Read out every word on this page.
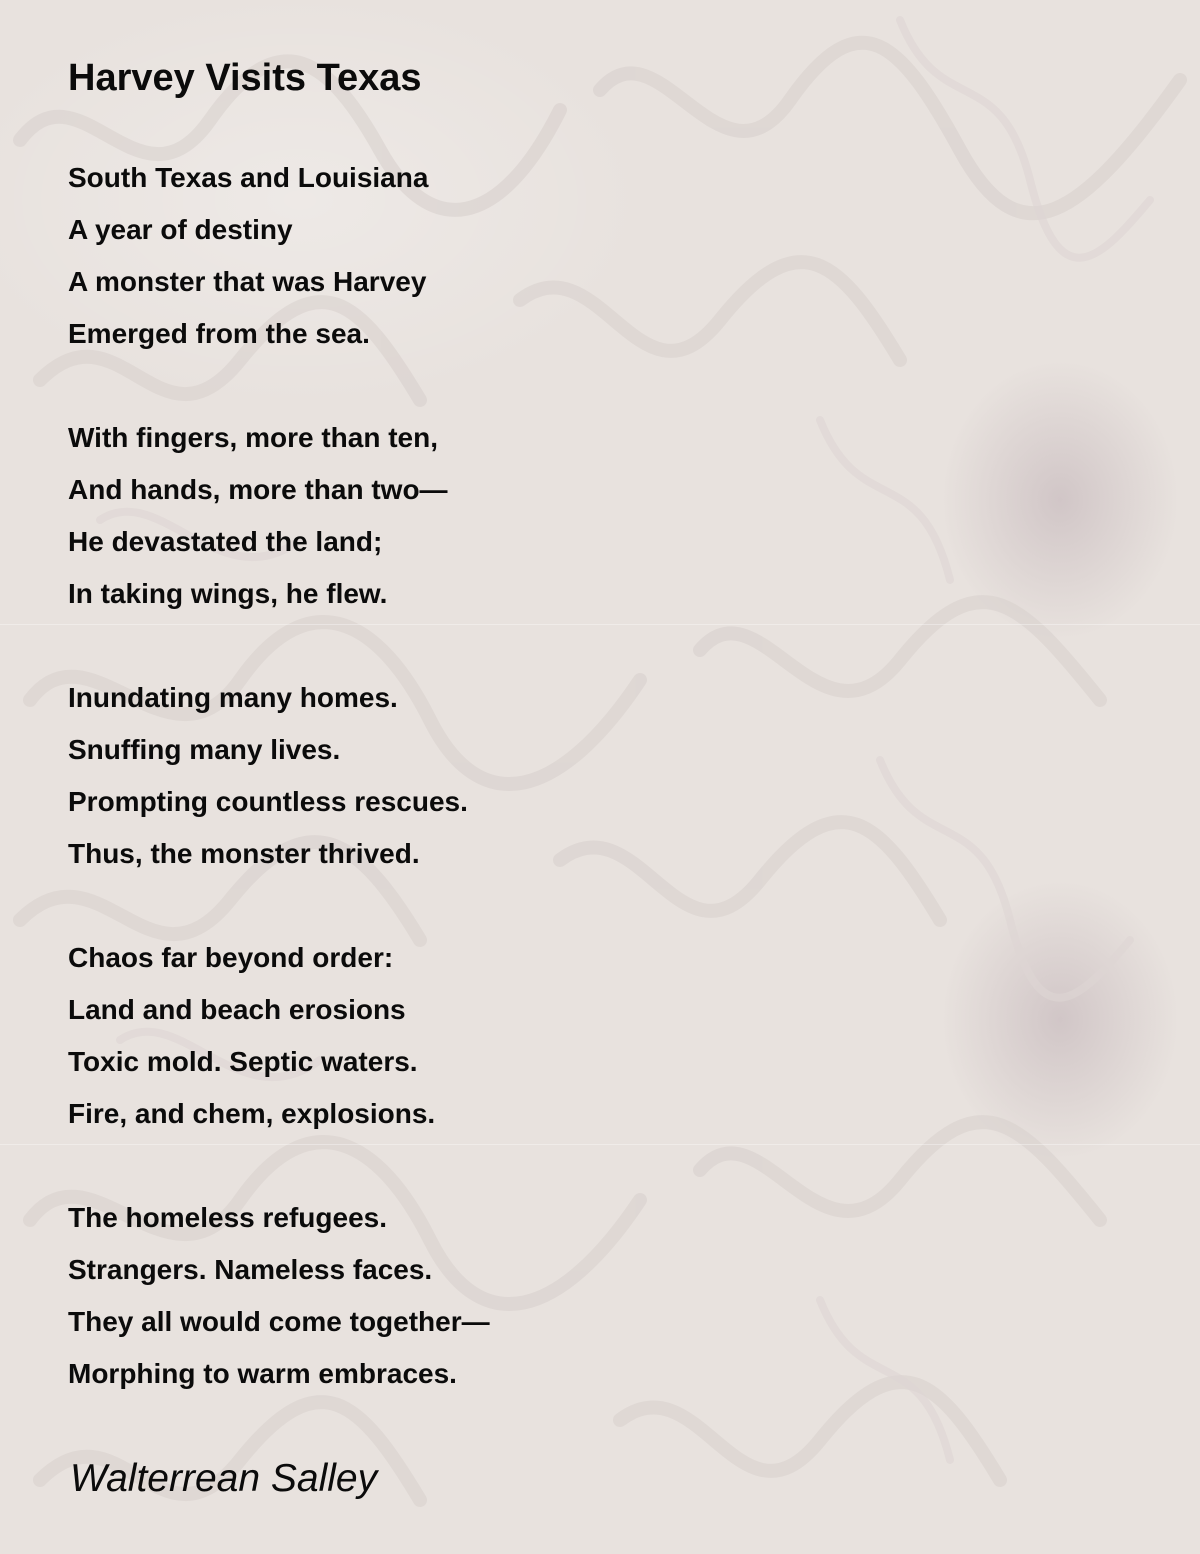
Harvey Visits Texas
South Texas and Louisiana
A year of destiny
A monster that was Harvey
Emerged from the sea.
With fingers, more than ten,
And hands, more than two—
He devastated the land;
In taking wings, he flew.
Inundating many homes.
Snuffing many lives.
Prompting countless rescues.
Thus, the monster thrived.
Chaos far beyond order:
Land and beach erosions
Toxic mold. Septic waters.
Fire, and chem, explosions.
The homeless refugees.
Strangers. Nameless faces.
They all would come together—
Morphing to warm embraces.

Walterrean Salley
